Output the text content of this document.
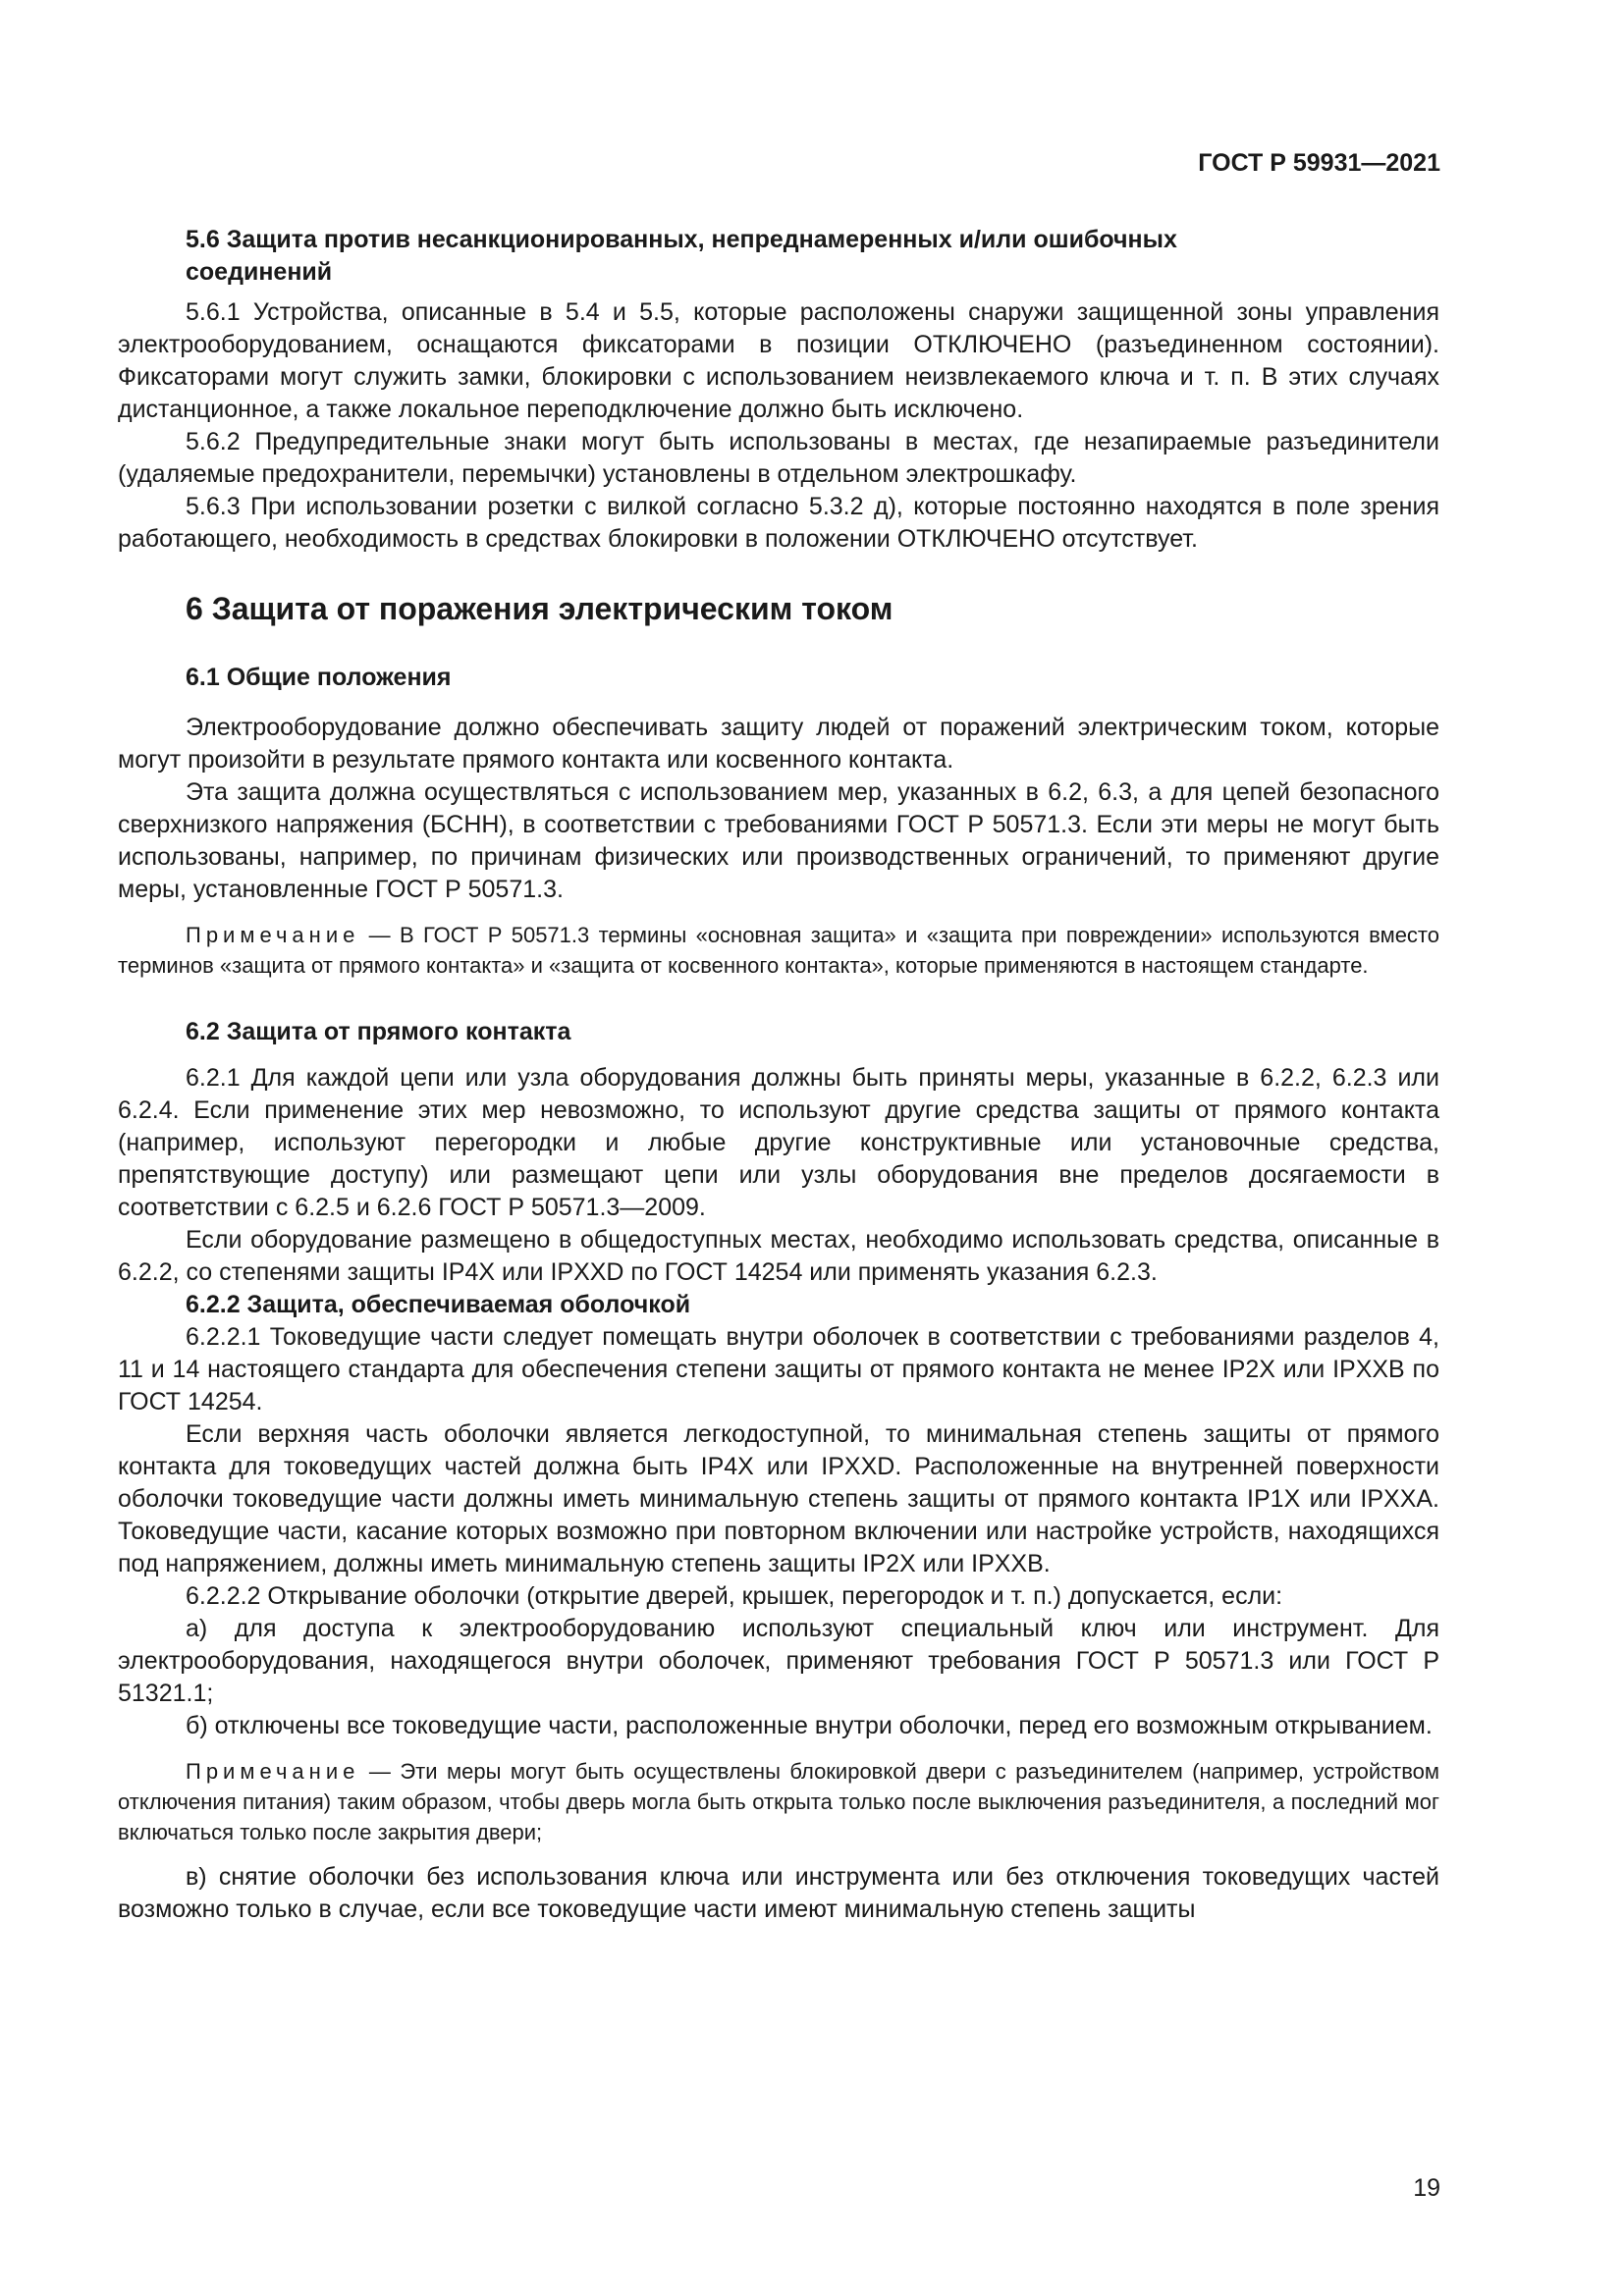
ГОСТ Р 59931—2021

5.6 Защита против несанкционированных, непреднамеренных и/или ошибочных
соединений

5.6.1 Устройства, описанные в 5.4 и 5.5, которые расположены снаружи защищенной зоны управления электрооборудованием, оснащаются фиксаторами в позиции ОТКЛЮЧЕНО (разъединенном состоянии). Фиксаторами могут служить замки, блокировки с использованием неизвлекаемого ключа и т. п. В этих случаях дистанционное, а также локальное переподключение должно быть исключено.

5.6.2 Предупредительные знаки могут быть использованы в местах, где незапираемые разъединители (удаляемые предохранители, перемычки) установлены в отдельном электрошкафу.

5.6.3 При использовании розетки с вилкой согласно 5.3.2 д), которые постоянно находятся в поле зрения работающего, необходимость в средствах блокировки в положении ОТКЛЮЧЕНО отсутствует.

6 Защита от поражения электрическим током
6.1 Общие положения

Электрооборудование должно обеспечивать защиту людей от поражений электрическим током, которые могут произойти в результате прямого контакта или косвенного контакта.

Эта защита должна осуществляться с использованием мер, указанных в 6.2, 6.3, а для цепей безопасного сверхнизкого напряжения (БСНН), в соответствии с требованиями ГОСТ Р 50571.3. Если эти меры не могут быть использованы, например, по причинам физических или производственных ограничений, то применяют другие меры, установленные ГОСТ Р 50571.3.

Примечание — В ГОСТ Р 50571.3 термины «основная защита» и «защита при повреждении» используются вместо терминов «защита от прямого контакта» и «защита от косвенного контакта», которые применяются в настоящем стандарте.

6.2 Защита от прямого контакта

6.2.1 Для каждой цепи или узла оборудования должны быть приняты меры, указанные в 6.2.2, 6.2.3 или 6.2.4. Если применение этих мер невозможно, то используют другие средства защиты от прямого контакта (например, используют перегородки и любые другие конструктивные или установочные средства, препятствующие доступу) или размещают цепи или узлы оборудования вне пределов досягаемости в соответствии с 6.2.5 и 6.2.6 ГОСТ Р 50571.3—2009.

Если оборудование размещено в общедоступных местах, необходимо использовать средства, описанные в 6.2.2, со степенями защиты IP4X или IPXXD по ГОСТ 14254 или применять указания 6.2.3.

6.2.2 Защита, обеспечиваемая оболочкой

6.2.2.1 Токоведущие части следует помещать внутри оболочек в соответствии с требованиями разделов 4, 11 и 14 настоящего стандарта для обеспечения степени защиты от прямого контакта не менее IP2X или IPXXB по ГОСТ 14254.

Если верхняя часть оболочки является легкодоступной, то минимальная степень защиты от прямого контакта для токоведущих частей должна быть IP4X или IPXXD. Расположенные на внутренней поверхности оболочки токоведущие части должны иметь минимальную степень защиты от прямого контакта IP1X или IPXXA. Токоведущие части, касание которых возможно при повторном включении или настройке устройств, находящихся под напряжением, должны иметь минимальную степень защиты IP2X или IPXXB.

6.2.2.2 Открывание оболочки (открытие дверей, крышек, перегородок и т. п.) допускается, если:

а) для доступа к электрооборудованию используют специальный ключ или инструмент. Для электрооборудования, находящегося внутри оболочек, применяют требования ГОСТ Р 50571.3 или ГОСТ Р 51321.1;

б) отключены все токоведущие части, расположенные внутри оболочки, перед его возможным открыванием.

Примечание — Эти меры могут быть осуществлены блокировкой двери с разъединителем (например, устройством отключения питания) таким образом, чтобы дверь могла быть открыта только после выключения разъединителя, а последний мог включаться только после закрытия двери;

в) снятие оболочки без использования ключа или инструмента или без отключения токоведущих частей возможно только в случае, если все токоведущие части имеют минимальную степень защиты

19
